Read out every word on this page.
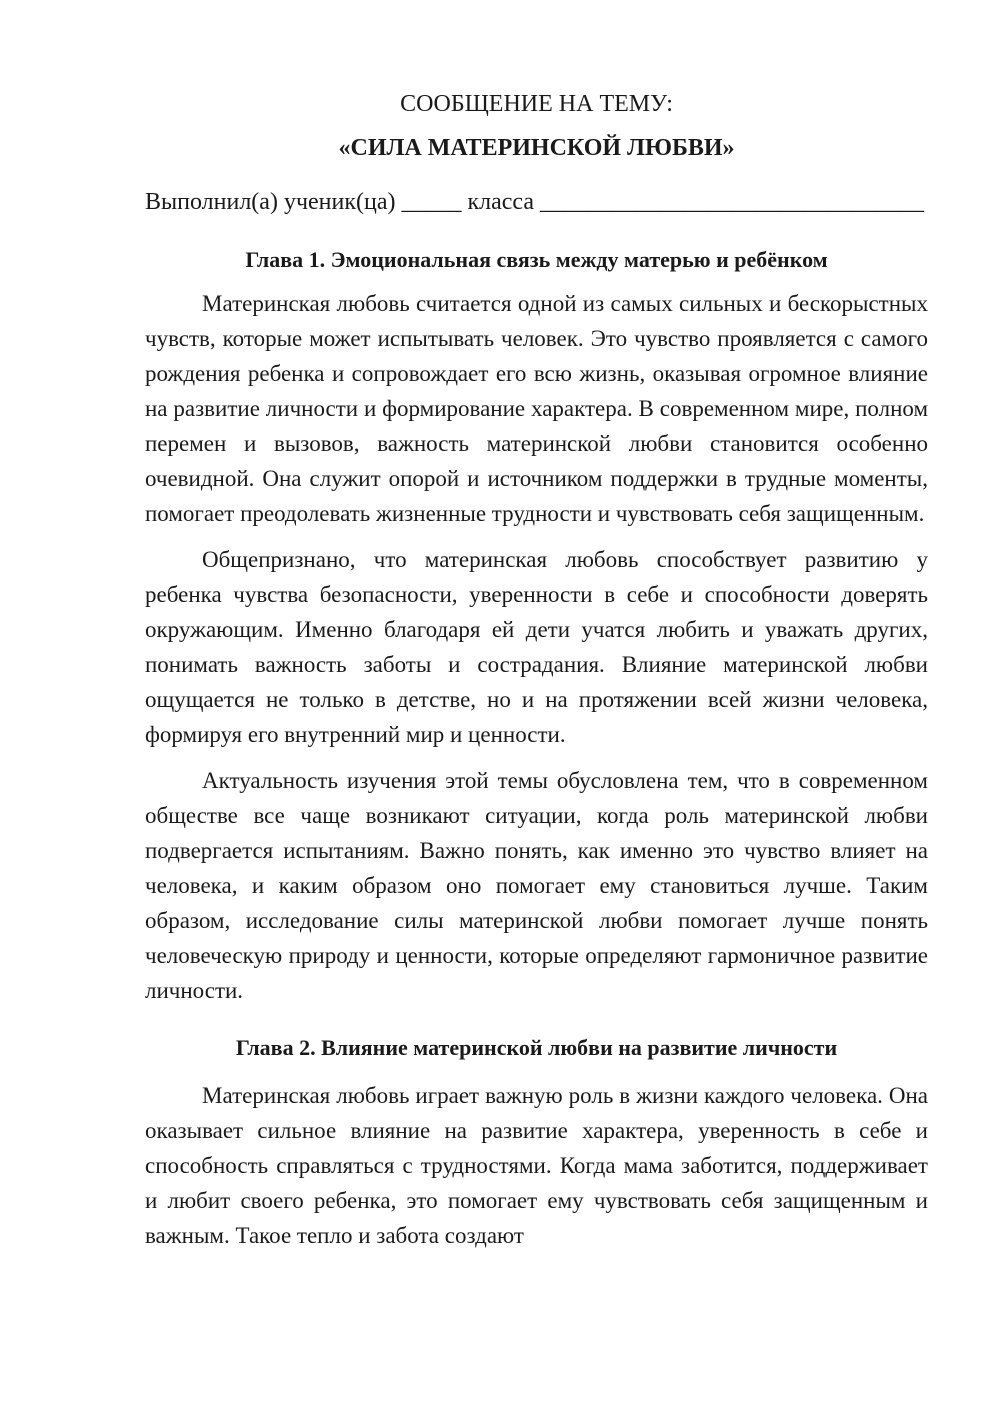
СООБЩЕНИЕ НА ТЕМУ:
«СИЛА МАТЕРИНСКОЙ ЛЮБВИ»
Выполнил(а) ученик(ца) _____ класса ________________________________
Глава 1. Эмоциональная связь между матерью и ребёнком

Материнская любовь считается одной из самых сильных и бескорыстных чувств, которые может испытывать человек. Это чувство проявляется с самого рождения ребенка и сопровождает его всю жизнь, оказывая огромное влияние на развитие личности и формирование характера. В современном мире, полном перемен и вызовов, важность материнской любви становится особенно очевидной. Она служит опорой и источником поддержки в трудные моменты, помогает преодолевать жизненные трудности и чувствовать себя защищенным.

Общепризнано, что материнская любовь способствует развитию у ребенка чувства безопасности, уверенности в себе и способности доверять окружающим. Именно благодаря ей дети учатся любить и уважать других, понимать важность заботы и сострадания. Влияние материнской любви ощущается не только в детстве, но и на протяжении всей жизни человека, формируя его внутренний мир и ценности.

Актуальность изучения этой темы обусловлена тем, что в современном обществе все чаще возникают ситуации, когда роль материнской любви подвергается испытаниям. Важно понять, как именно это чувство влияет на человека, и каким образом оно помогает ему становиться лучше. Таким образом, исследование силы материнской любви помогает лучше понять человеческую природу и ценности, которые определяют гармоничное развитие личности.

Глава 2. Влияние материнской любви на развитие личности

Материнская любовь играет важную роль в жизни каждого человека. Она оказывает сильное влияние на развитие характера, уверенность в себе и способность справляться с трудностями. Когда мама заботится, поддерживает и любит своего ребенка, это помогает ему чувствовать себя защищенным и важным. Такое тепло и забота создают
